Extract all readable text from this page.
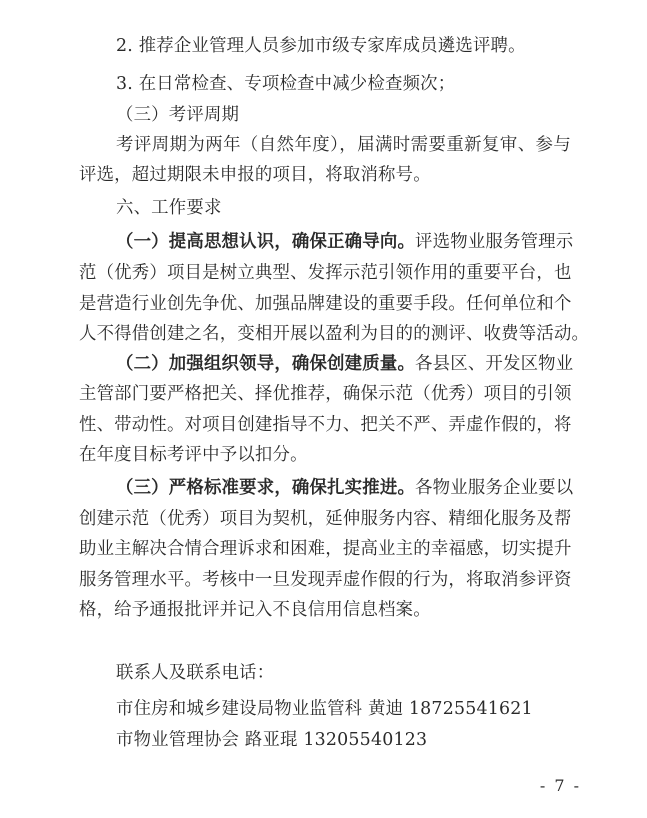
2. 推荐企业管理人员参加市级专家库成员遴选评聘。
3. 在日常检查、专项检查中减少检查频次；
（三）考评周期
考评周期为两年（自然年度），届满时需要重新复审、参与
评选，超过期限未申报的项目，将取消称号。
六、工作要求
（一）提高思想认识，确保正确导向。评选物业服务管理示
范（优秀）项目是树立典型、发挥示范引领作用的重要平台，也
是营造行业创先争优、加强品牌建设的重要手段。任何单位和个
人不得借创建之名，变相开展以盈利为目的的测评、收费等活动。
（二）加强组织领导，确保创建质量。各县区、开发区物业
主管部门要严格把关、择优推荐，确保示范（优秀）项目的引领
性、带动性。对项目创建指导不力、把关不严、弄虚作假的，将
在年度目标考评中予以扣分。
（三）严格标准要求，确保扎实推进。各物业服务企业要以
创建示范（优秀）项目为契机，延伸服务内容、精细化服务及帮
助业主解决合情合理诉求和困难，提高业主的幸福感，切实提升
服务管理水平。考核中一旦发现弄虚作假的行为，将取消参评资
格，给予通报批评并记入不良信用信息档案。
联系人及联系电话：
市住房和城乡建设局物业监管科 黄迪 18725541621
市物业管理协会 路亚琨 13205540123
- 7 -
